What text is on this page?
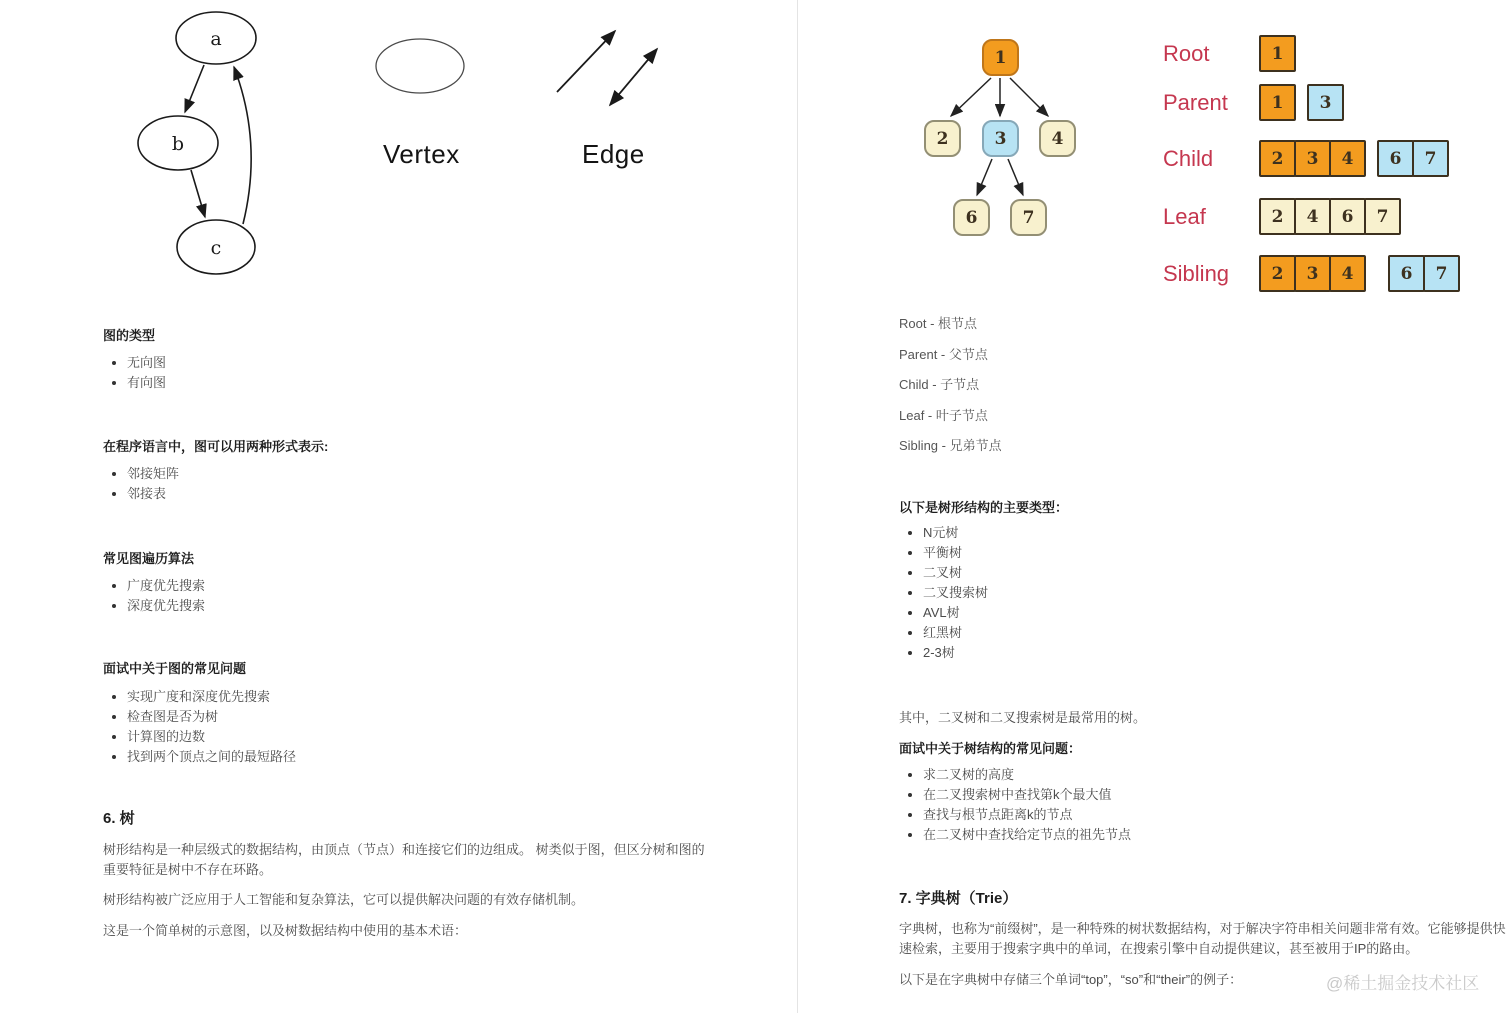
a
b
c
Vertex	Edge
图的类型
• 无向图
• 有向图
在程序语言中，图可以用两种形式表示:
• 邻接矩阵
• 邻接表
常见图遍历算法
• 广度优先搜索
• 深度优先搜索
面试中关于图的常见问题
• 实现广度和深度优先搜索
• 检查图是否为树
• 计算图的边数
• 找到两个顶点之间的最短路径
6. 树
树形结构是一种层级式的数据结构，由顶点（节点）和连接它们的边组成。 树类似于图，但区分树和图的重要特征是树中不存在环路。
树形结构被广泛应用于人工智能和复杂算法，它可以提供解决问题的有效存储机制。
这是一个简单树的示意图，以及树数据结构中使用的基本术语：
1
2	3	4
6	7
Root	1
Parent	1	3
Child	2	3	4	6	7
Leaf	2	4	6	7
Sibling	2	3	4	6	7
Root - 根节点
Parent - 父节点
Child - 子节点
Leaf - 叶子节点
Sibling - 兄弟节点
以下是树形结构的主要类型：
• N元树
• 平衡树
• 二叉树
• 二叉搜索树
• AVL树
• 红黑树
• 2-3树
其中，二叉树和二叉搜索树是最常用的树。
面试中关于树结构的常见问题：
• 求二叉树的高度
• 在二叉搜索树中查找第k个最大值
• 查找与根节点距离k的节点
• 在二叉树中查找给定节点的祖先节点
7. 字典树（Trie）
字典树，也称为“前缀树”，是一种特殊的树状数据结构，对于解决字符串相关问题非常有效。它能够提供快速检索，主要用于搜索字典中的单词，在搜索引擎中自动提供建议，甚至被用于IP的路由。
以下是在字典树中存储三个单词“top”，“so”和“their”的例子：	@稀土掘金技术社区
